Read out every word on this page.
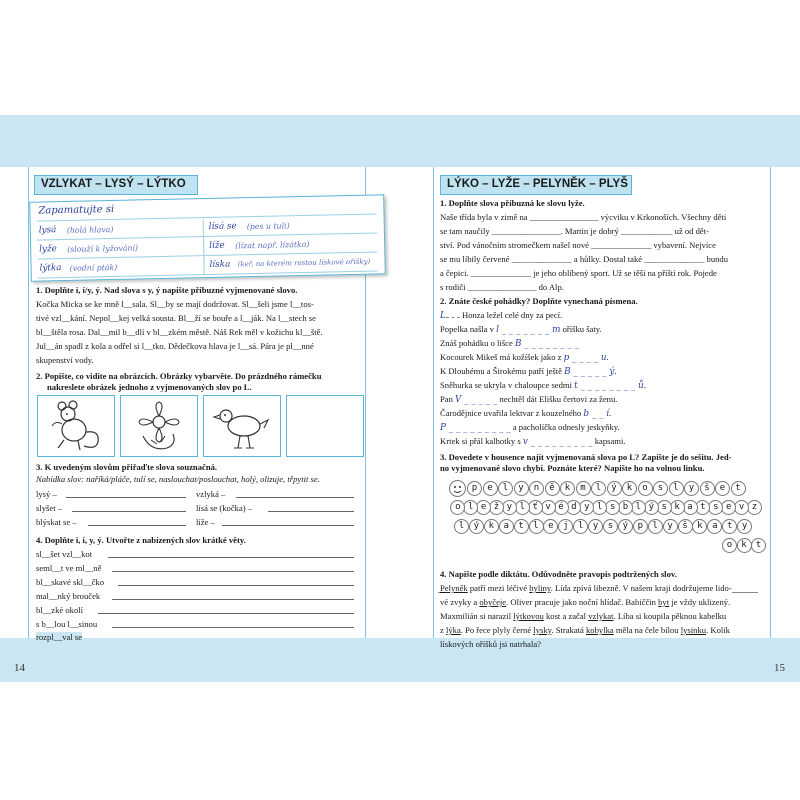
14	15
VZLYKAT – LYSÝ – LÝTKO
Zapamatujte si
lysá (holá hlava)	lísá se (pes u tuli)
lyže (slouží k lyžování)	líže (lízat např. lízátko)
lýtka (vodní pták)	líska (keř, na kterém rostou lískové oříšky)
1. Doplňte i, í/y, ý. Nad slova s y, ý napište příbuzné vyjmenované slovo.
Kočka Micka se ke mně l__sala. Sl__by se mají dodržovat. Sl__šeli jsme l__tos-
tivé vzl__kání. Nepol__kej velká sousta. Bl__ží se bouře a l__ják. Na l__stech se
bl__štěla rosa. Dal__mil b__dlí v bl__zkém městě. Náš Rek měl v kožichu kl__ště.
Jul__án spadl z kola a odřel si l__tko. Dědečkova hlava je l__sá. Pára je pl__nné
skupenství vody.
2. Popište, co vidíte na obrázcích. Obrázky vybarvěte. Do prázdného rámečku
nakreslete obrázek jednoho z vyjmenovaných slov po L.
3. K uvedeným slovům přiřaďte slova souznačná.
Nabídka slov: naříká/pláče, tulí se, naslouchat/poslouchat, holý, olizuje, třpytit se.
lysý –	vzlyká –
slyšet –	lísá se (kočka) –
blýskat se –	líže –
4. Doplňte i, í, y, ý. Utvořte z nabízených slov krátké věty.
sl__šet vzl__kot
seml__t ve ml__ně
bl__skavé skl__čko
mal__nký brouček
bl__zké okolí
s b__lou l__sinou
rozpl__val se
LÝKO – LYŽE – PELYNĚK – PLYŠ
1. Doplňte slova příbuzná ke slovu lyže.
Naše třída byla v zimě na ________________ výcviku v Krkonoších. Všechny děti
se tam naučily ________________. Martin je dobrý ____________ už od dět-
ství. Pod vánočním stromečkem našel nové ______________ vybavení. Nejvíce
se mu líbily červené ______________ a hůlky. Dostal také ______________ bundu
a čepici. ______________ je jeho oblíbený sport. Už se těší na příští rok. Pojede
s rodiči ________________ do Alp.
2. Znáte české pohádky? Doplňte vynechaná písmena.
L Honza ležel celé dny za pecí.
Popelka našla v l _ _ _ _ _ _ _ m oříšku šaty.
Znáš pohádku o lišce B _ _ _ _ _ _ _ _
Kocourek Mikeš má kožíšek jako z p _ _ _ _ u.
K Dlouhému a Širokému patří ještě B _ _ _ _ _ ý.
Sněhurka se ukryla v chaloupce sedmi t _ _ _ _ _ _ _ _ ů.
Pan V _ _ _ _ _ nechtěl dát Elišku čertovi za ženu.
Čarodějnice uvařila lektvar z kouzelného b _ _ í.
P _ _ _ _ _ _ _ _ _ a pacholíčka odnesly jeskyňky.
Krtek si přál kalhotky s v _ _ _ _ _ _ _ _ _ kapsami.
3. Dovedete v housence najít vyjmenovaná slova po L? Zapište je do sešitu. Jed-
no vyjmenované slovo chybí. Poznáte které? Napište ho na volnou linku.
4. Napište podle diktátu. Odůvodněte pravopis podtržených slov.
Pelyněk patří mezi léčivé byliny. Lída zpívá libezně. V našem kraji dodržujeme lido-
vé zvyky a obyčeje. Oliver pracuje jako noční hlídač. Babiččin byt je vždy uklizený.
Maxmilián si narazil lýtkovou kost a začal vzlykat. Líba si koupila pěknou kabelku
z lýka. Po řece plyly černé lysky. Strakatá kobylka měla na čele bílou lysinku. Kolik
lískových oříšků jsi natrhala?
p	e	l	y	n	ě	k	m	l	ý	k	o	s	l	y	š	e	t
z
v
e
s
t
a
k
s
ý
l
b
s
l
y
d
é
v
ť
l
y
ž
e
l
o
l	ý	k	a	t	l	e	j	l	y	s	ý	p	l	y	š	k	a	t	y
o	k	t
